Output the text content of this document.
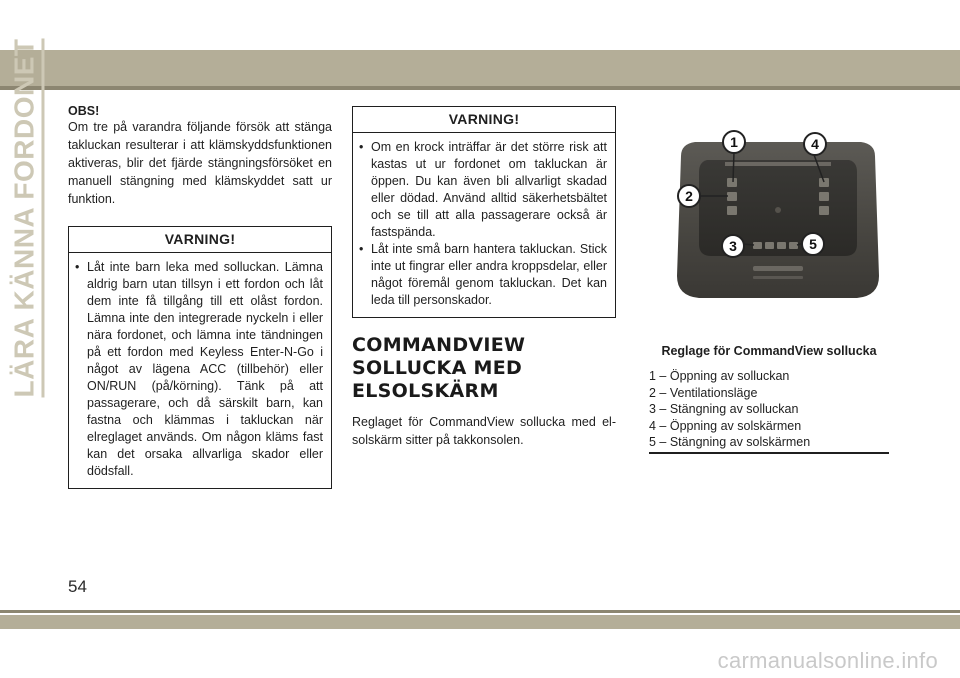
LÄRA KÄNNA FORDONET	OBS!
Om tre på varandra följande försök att stänga takluckan resulterar i att klämskyddsfunktionen aktiveras, blir det fjärde stängningsförsöket en manuell stängning med klämskyddet satt ur funktion.
VARNING!
• Låt inte barn leka med solluckan. Lämna aldrig barn utan tillsyn i ett fordon och låt dem inte få tillgång till ett olåst fordon. Lämna inte den integrerade nyckeln i eller nära fordonet, och lämna inte tändningen på ett fordon med Keyless Enter-N-Go i något av lägena ACC (tillbehör) eller ON/RUN (på/körning). Tänk på att passagerare, och då särskilt barn, kan fastna och klämmas i takluckan när elreglaget används. Om någon kläms fast kan det orsaka allvarliga skador eller dödsfall.
VARNING!
• Om en krock inträffar är det större risk att kastas ut ur fordonet om takluckan är öppen. Du kan även bli allvarligt skadad eller dödad. Använd alltid säkerhetsbältet och se till att alla passagerare också är fastspända.
• Låt inte små barn hantera takluckan. Stick inte ut fingrar eller andra kroppsdelar, eller något föremål genom takluckan. Det kan leda till personskador.
COMMANDVIEW
SOLLUCKA MED
ELSOLSKÄRM
Reglaget för CommandView sollucka med elsolskärm sitter på takkonsolen.
1
2
3
4
5
Reglage för CommandView sollucka
1 – Öppning av solluckan
2 – Ventilationsläge
3 – Stängning av solluckan
4 – Öppning av solskärmen
5 – Stängning av solskärmen
54
carmanualsonline.info
